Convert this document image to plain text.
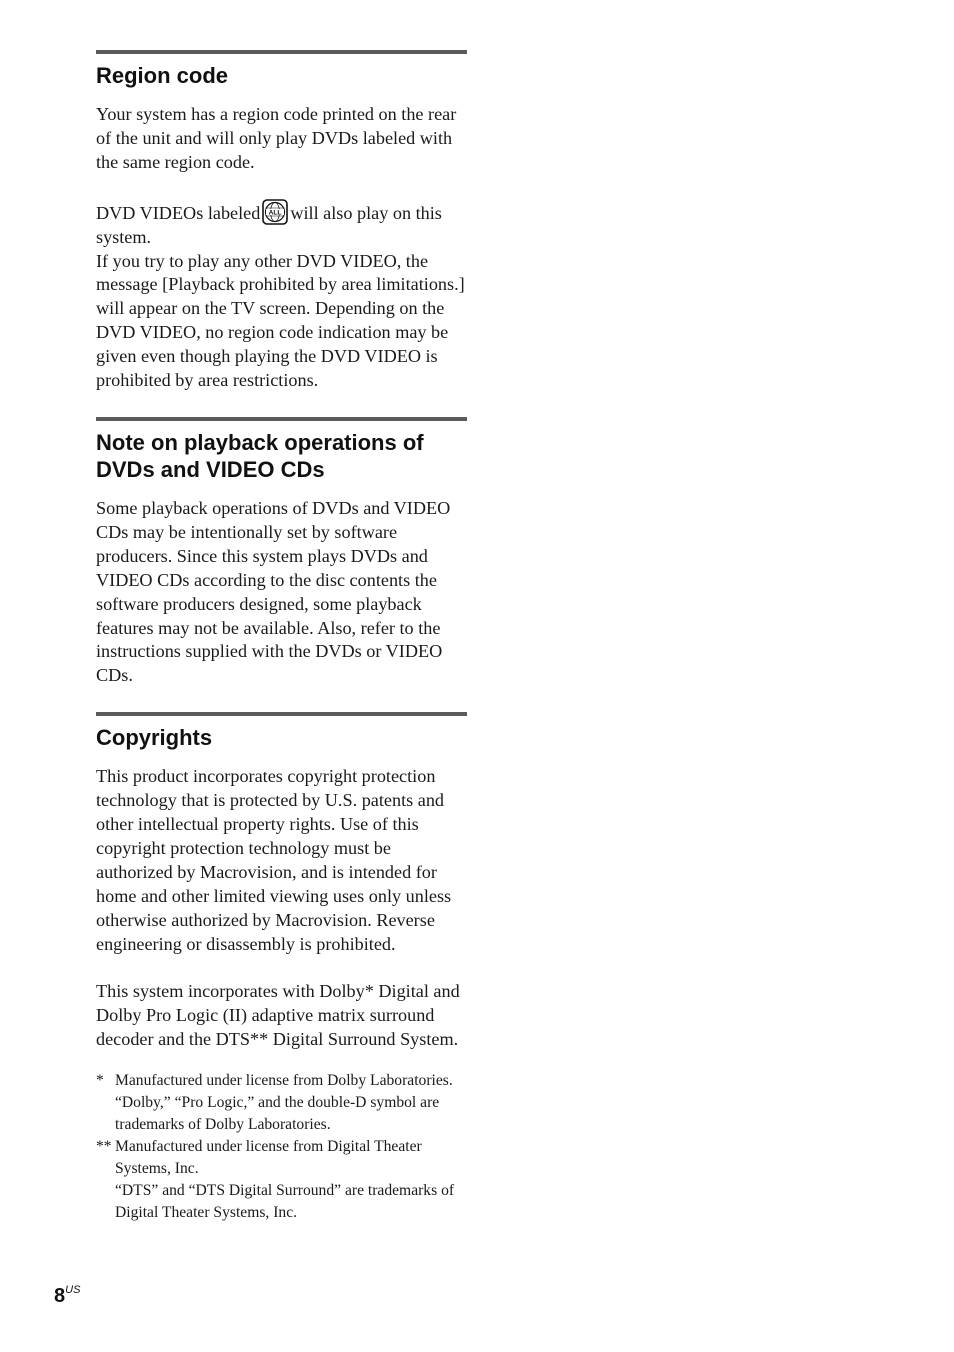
Region code

Your system has a region code printed on the rear of the unit and will only play DVDs labeled with the same region code.

DVD VIDEOs labeled ALL will also play on this system.

If you try to play any other DVD VIDEO, the message [Playback prohibited by area limitations.] will appear on the TV screen. Depending on the DVD VIDEO, no region code indication may be given even though playing the DVD VIDEO is prohibited by area restrictions.

Note on playback operations of DVDs and VIDEO CDs

Some playback operations of DVDs and VIDEO CDs may be intentionally set by software producers. Since this system plays DVDs and VIDEO CDs according to the disc contents the software producers designed, some playback features may not be available. Also, refer to the instructions supplied with the DVDs or VIDEO CDs.

Copyrights

This product incorporates copyright protection technology that is protected by U.S. patents and other intellectual property rights. Use of this copyright protection technology must be authorized by Macrovision, and is intended for home and other limited viewing uses only unless otherwise authorized by Macrovision. Reverse engineering or disassembly is prohibited.

This system incorporates with Dolby* Digital and Dolby Pro Logic (II) adaptive matrix surround decoder and the DTS** Digital Surround System.

* Manufactured under license from Dolby Laboratories.
“Dolby,” “Pro Logic,” and the double-D symbol are trademarks of Dolby Laboratories.
** Manufactured under license from Digital Theater Systems, Inc.
“DTS” and “DTS Digital Surround” are trademarks of Digital Theater Systems, Inc.
$8^{US}$
